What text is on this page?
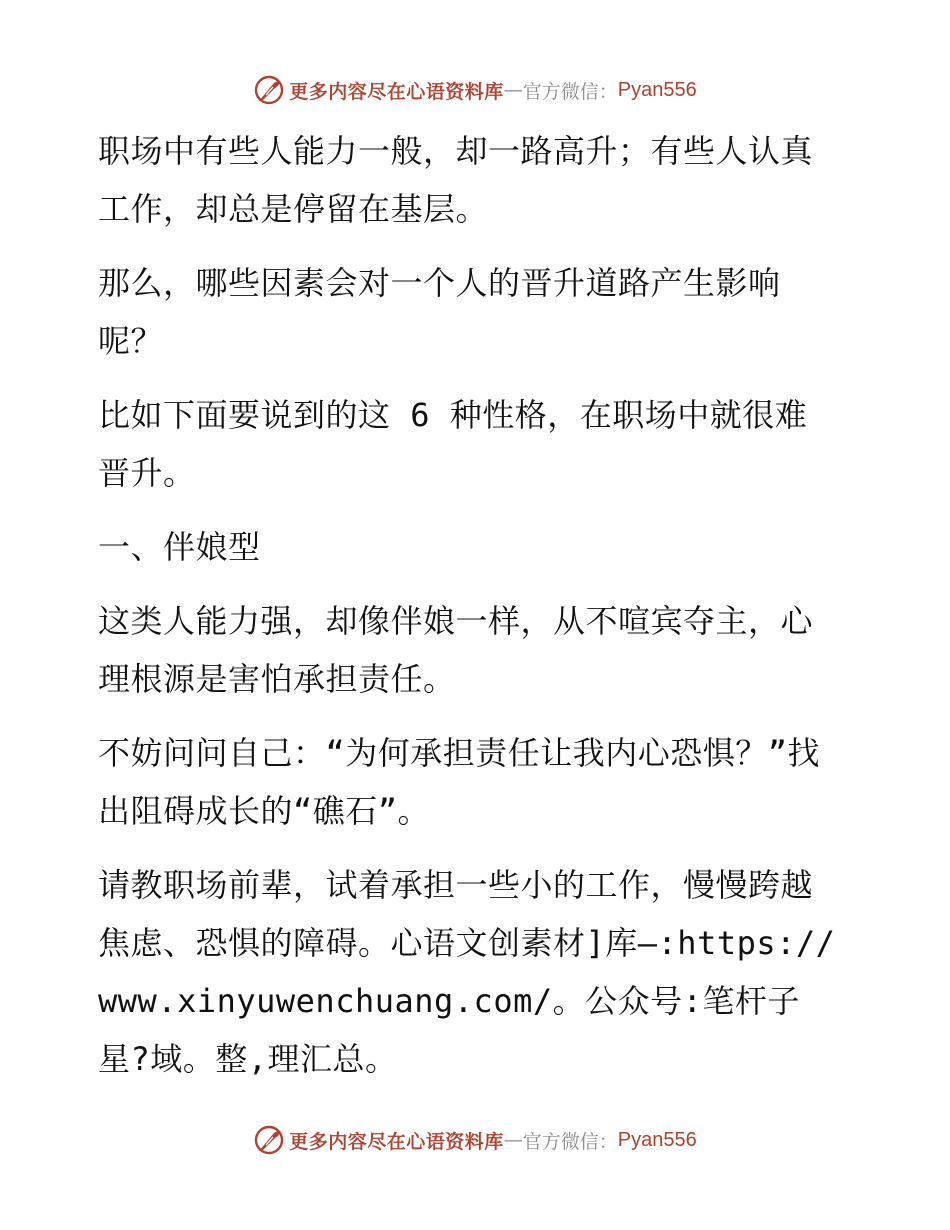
更多内容尽在心语资料库 — 官方微信： Pyan556

职场中有些人能力一般，却一路高升；有些人认真工作，却总是停留在基层。

那么，哪些因素会对一个人的晋升道路产生影响呢？

比如下面要说到的这 6 种性格，在职场中就很难晋升。

一、伴娘型

这类人能力强，却像伴娘一样，从不喧宾夺主，心理根源是害怕承担责任。

不妨问问自己：“为何承担责任让我内心恐惧？”找出阻碍成长的“礁石”。

请教职场前辈，试着承担一些小的工作，慢慢跨越焦虑、恐惧的障碍。心语文创素材]库—:https://www.xinyuwenchuang.com/。公众号:笔杆子星?域。整,理汇总。

更多内容尽在心语资料库 — 官方微信： Pyan556
